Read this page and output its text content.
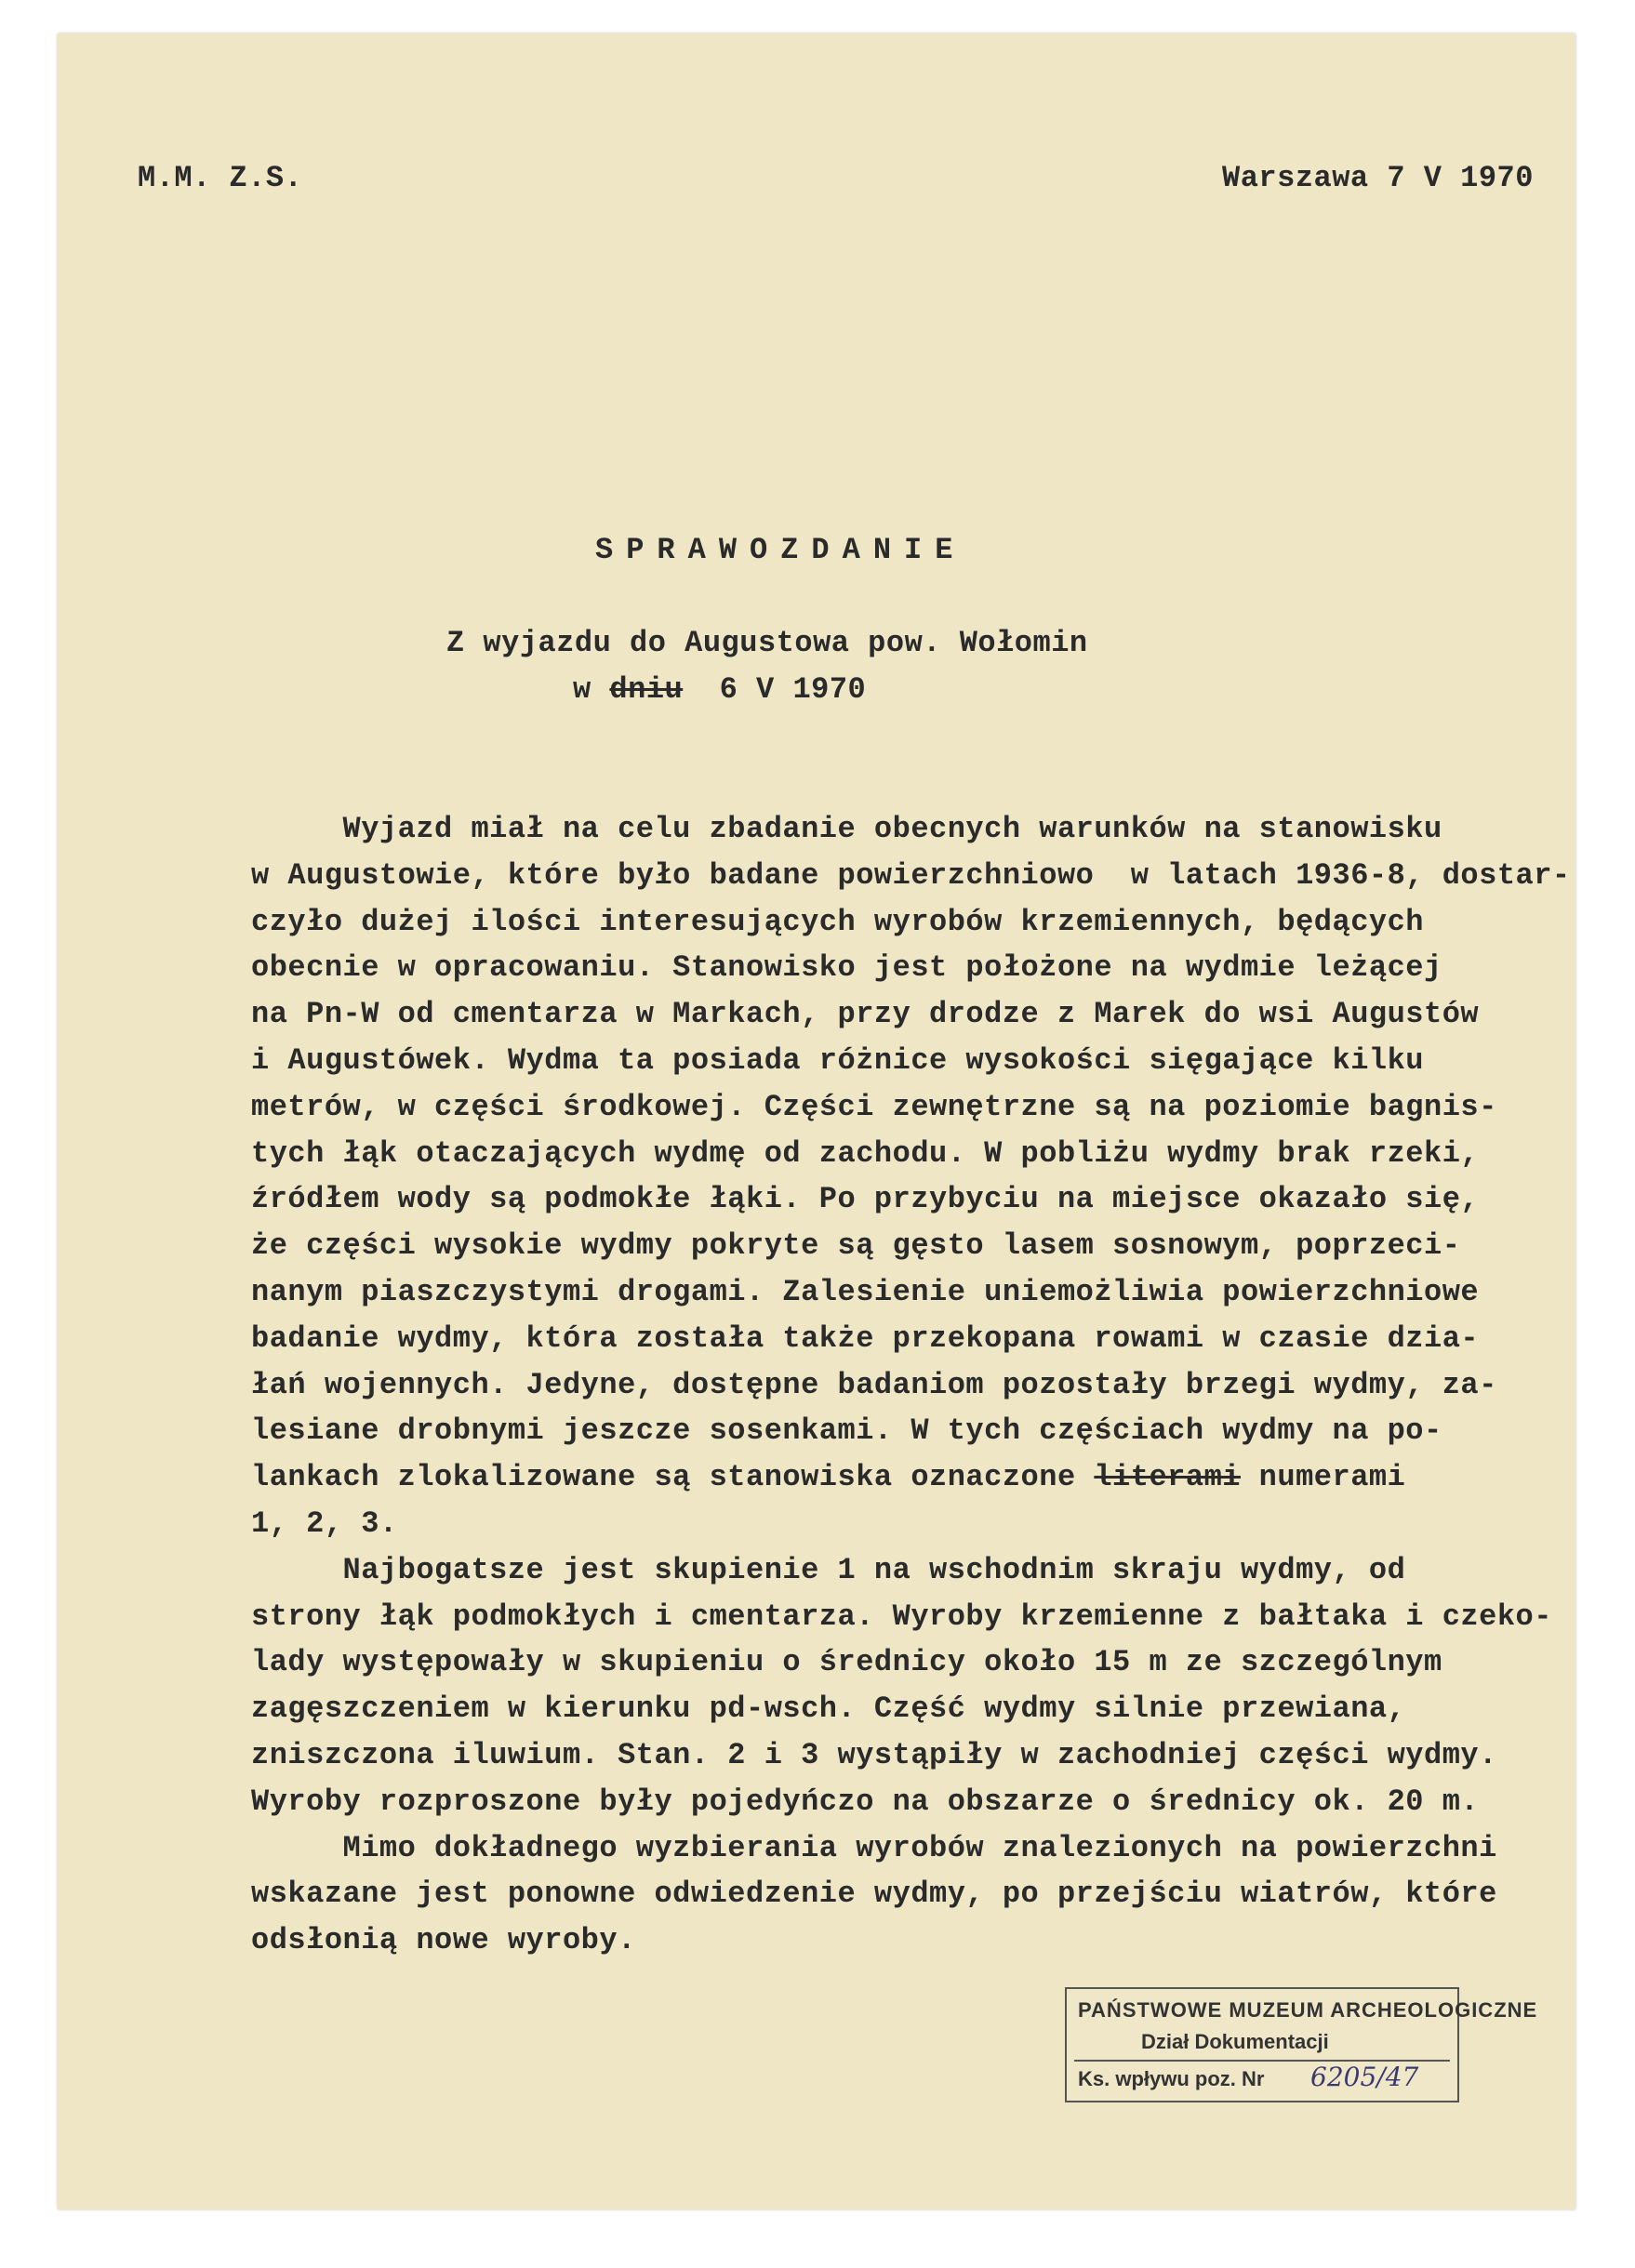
M.M. Z.S.	Warszawa 7 V 1970
SPRAWOZDANIE
Z wyjazdu do Augustowa pow. Wołomin
w dniu  6 V 1970
Wyjazd miał na celu zbadanie obecnych warunków na stanowisku
w Augustowie, które było badane powierzchniowo  w latach 1936-8, dostar-
czyło dużej ilości interesujących wyrobów krzemiennych, będących
obecnie w opracowaniu. Stanowisko jest położone na wydmie leżącej
na Pn-W od cmentarza w Markach, przy drodze z Marek do wsi Augustów
i Augustówek. Wydma ta posiada różnice wysokości sięgające kilku
metrów, w części środkowej. Części zewnętrzne są na poziomie bagnis-
tych łąk otaczających wydmę od zachodu. W pobliżu wydmy brak rzeki,
źródłem wody są podmokłe łąki. Po przybyciu na miejsce okazało się,
że części wysokie wydmy pokryte są gęsto lasem sosnowym, poprzeci-
nanym piaszczystymi drogami. Zalesienie uniemożliwia powierzchniowe
badanie wydmy, która została także przekopana rowami w czasie dzia-
łań wojennych. Jedyne, dostępne badaniom pozostały brzegi wydmy, za-
lesiane drobnymi jeszcze sosenkami. W tych częściach wydmy na po-
lankach zlokalizowane są stanowiska oznaczone literami numerami
1, 2, 3.
Najbogatsze jest skupienie 1 na wschodnim skraju wydmy, od
strony łąk podmokłych i cmentarza. Wyroby krzemienne z bałtaka i czeko-
lady występowały w skupieniu o średnicy około 15 m ze szczególnym
zagęszczeniem w kierunku pd-wsch. Część wydmy silnie przewiana,
zniszczona iluwium. Stan. 2 i 3 wystąpiły w zachodniej części wydmy.
Wyroby rozproszone były pojedyńczo na obszarze o średnicy ok. 20 m.
Mimo dokładnego wyzbierania wyrobów znalezionych na powierzchni
wskazane jest ponowne odwiedzenie wydmy, po przejściu wiatrów, które
odsłonią nowe wyroby.
PAŃSTWOWE MUZEUM ARCHEOLOGICZNE
Dział Dokumentacji
Ks. wpływu poz. Nr 6205/47
